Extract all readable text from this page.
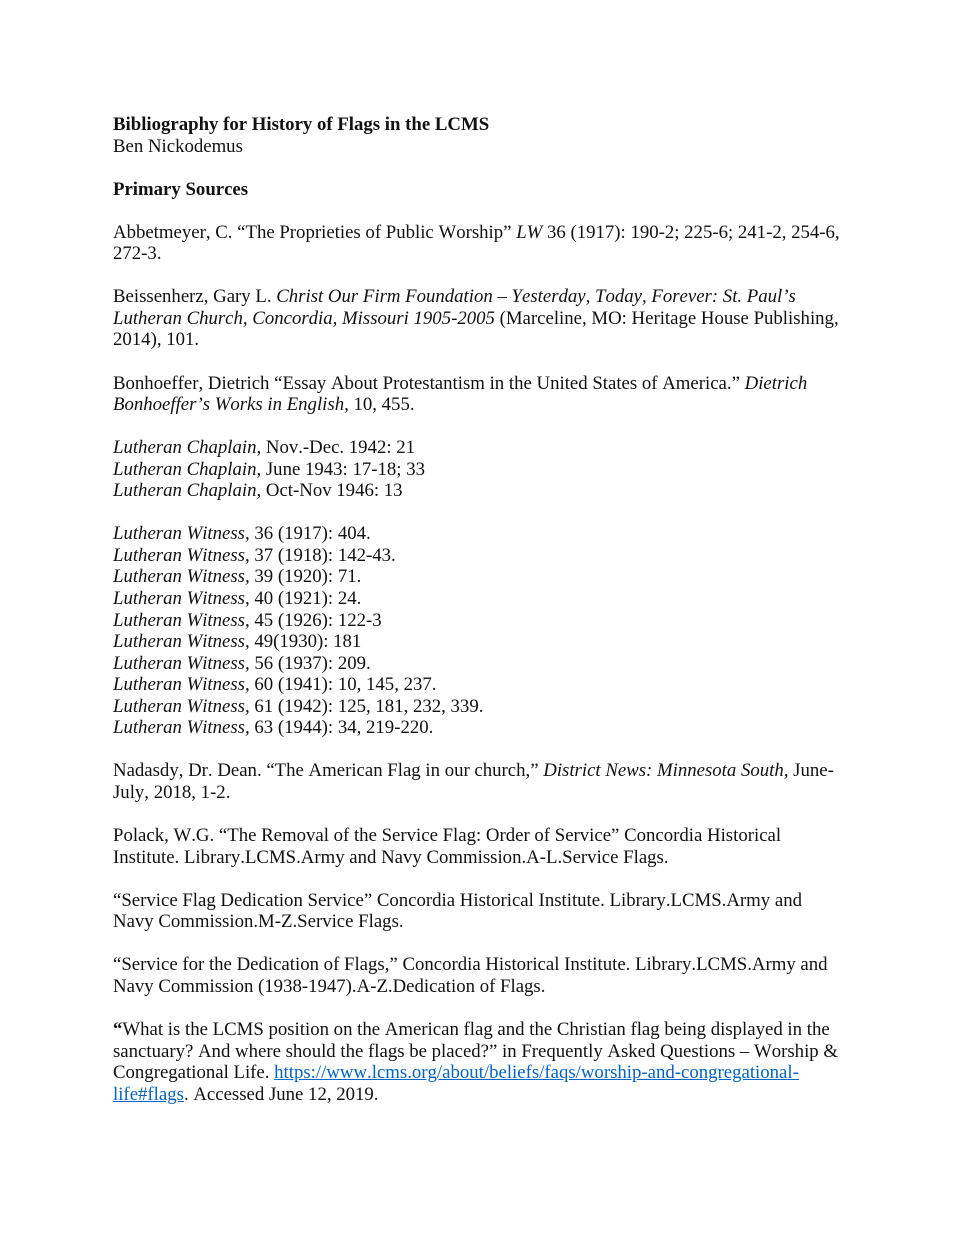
Bibliography for History of Flags in the LCMS
Ben Nickodemus
Primary Sources
Abbetmeyer, C. “The Proprieties of Public Worship” LW 36 (1917): 190-2; 225-6; 241-2, 254-6,
272-3.
Beissenherz, Gary L. Christ Our Firm Foundation – Yesterday, Today, Forever: St. Paul’s
Lutheran Church, Concordia, Missouri 1905-2005 (Marceline, MO: Heritage House Publishing,
2014), 101.
Bonhoeffer, Dietrich “Essay About Protestantism in the United States of America.” Dietrich
Bonhoeffer’s Works in English, 10, 455.
Lutheran Chaplain, Nov.-Dec. 1942: 21
Lutheran Chaplain, June 1943: 17-18; 33
Lutheran Chaplain, Oct-Nov 1946: 13
Lutheran Witness, 36 (1917): 404.
Lutheran Witness, 37 (1918): 142-43.
Lutheran Witness, 39 (1920): 71.
Lutheran Witness, 40 (1921): 24.
Lutheran Witness, 45 (1926): 122-3
Lutheran Witness, 49(1930): 181
Lutheran Witness, 56 (1937): 209.
Lutheran Witness, 60 (1941): 10, 145, 237.
Lutheran Witness, 61 (1942): 125, 181, 232, 339.
Lutheran Witness, 63 (1944): 34, 219-220.
Nadasdy, Dr. Dean. “The American Flag in our church,” District News: Minnesota South, June-
July, 2018, 1-2.
Polack, W.G. “The Removal of the Service Flag: Order of Service” Concordia Historical
Institute. Library.LCMS.Army and Navy Commission.A-L.Service Flags.
“Service Flag Dedication Service” Concordia Historical Institute. Library.LCMS.Army and
Navy Commission.M-Z.Service Flags.
“Service for the Dedication of Flags,” Concordia Historical Institute. Library.LCMS.Army and
Navy Commission (1938-1947).A-Z.Dedication of Flags.
“What is the LCMS position on the American flag and the Christian flag being displayed in the
sanctuary? And where should the flags be placed?” in Frequently Asked Questions – Worship &
Congregational Life. https://www.lcms.org/about/beliefs/faqs/worship-and-congregational-
life#flags. Accessed June 12, 2019.
